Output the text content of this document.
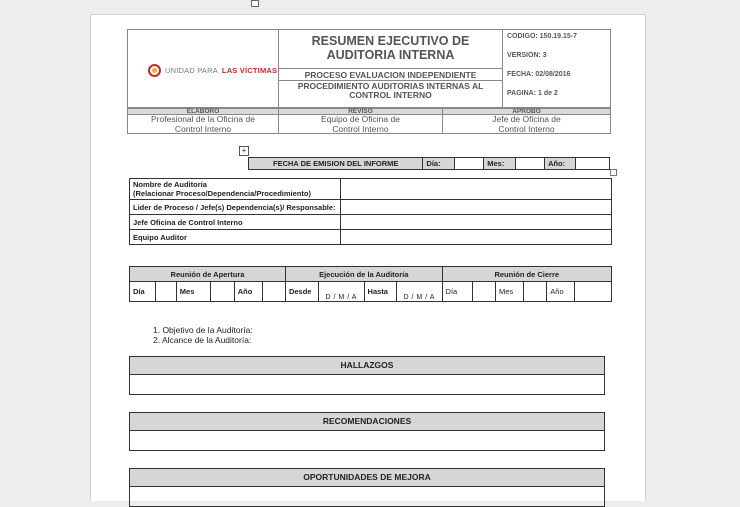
UNIDAD PARA LAS VÍCTIMAS
RESUMEN EJECUTIVO DE AUDITORIA INTERNA
PROCESO EVALUACION INDEPENDIENTE
PROCEDIMIENTO AUDITORIAS INTERNAS AL CONTROL INTERNO
CODIGO: 150.19.15-7
VERSION: 3
FECHA: 02/08/2016
PAGINA: 1 de 2
ELABORO	REVISO	APROBO
Profesional de la Oficina de Control Interno
Equipo de Oficina de Control Interno
Jefe de Oficina de Control Interno
+
FECHA DE EMISION DEL INFORME	Día:		Mes:		Año:	
Nombre de Auditoría
(Relacionar Proceso/Dependencia/Procedimiento)	
Lider de Proceso / Jefe(s) Dependencia(s)/ Responsable:	
Jefe Oficina de Control Interno	
Equipo Auditor	
Reunión de Apertura						Ejecución de la Auditoría				Reunión de Cierre					
Día		Mes		Año		Desde	D / M / A	Hasta	D / M / A	Día		Mes		Año	
1. Objetivo de la Auditoría:
2. Alcance de la Auditoría:
HALLAZGOS
RECOMENDACIONES
OPORTUNIDADES DE MEJORA
